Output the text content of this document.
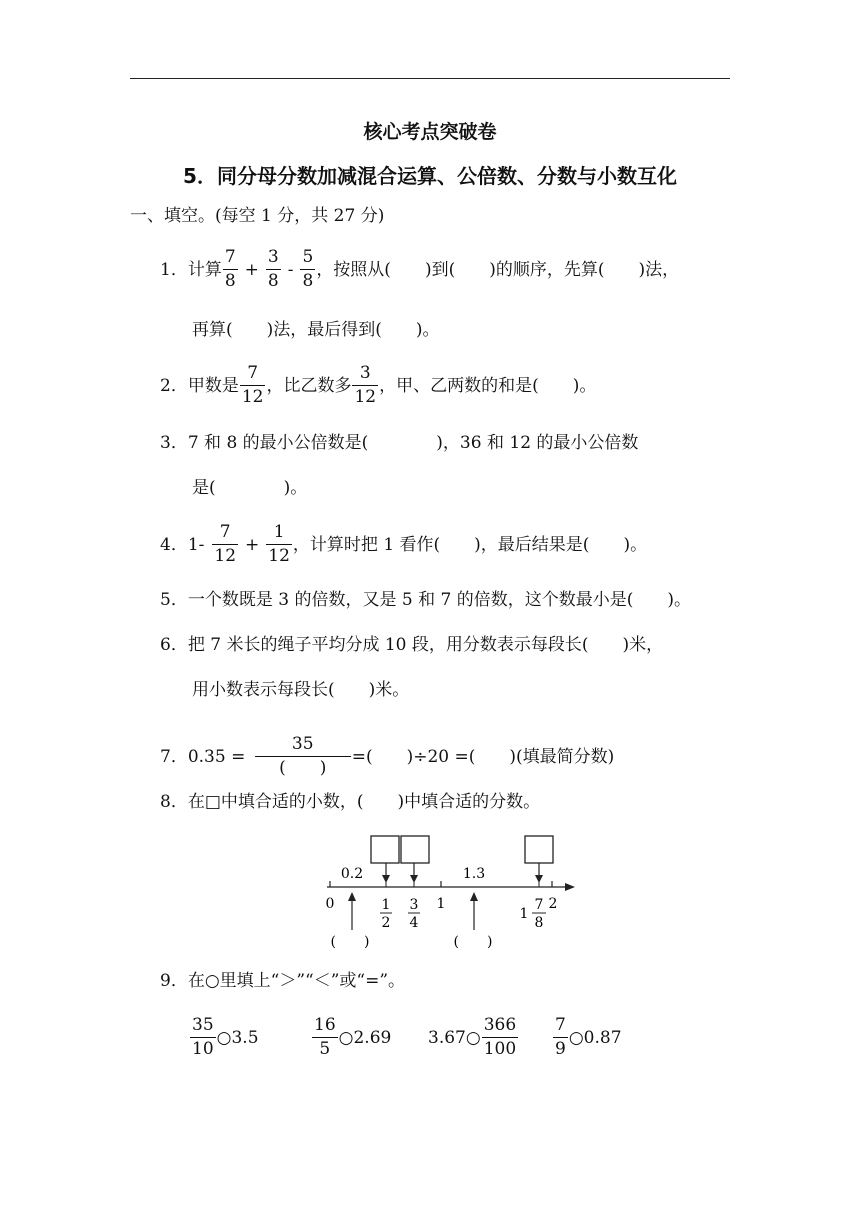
核心考点突破卷
5．同分母分数加减混合运算、公倍数、分数与小数互化
一、填空。(每空 1 分，共 27 分)
1．计算 $\frac{7}{8} + \frac{3}{8} - \frac{5}{8}$ ，按照从(　　)到(　　)的顺序，先算(　　)法，
再算(　　)法，最后得到(　　)。
2．甲数是 $\frac{7}{12}$ ，比乙数多 $\frac{3}{12}$ ，甲、乙两数的和是(　　)。
3．7 和 8 的最小公倍数是(　　　　)，36 和 12 的最小公倍数
是(　　　　)。
4．$1- \frac{7}{12} + \frac{1}{12}$ ，计算时把 1 看作(　　)，最后结果是(　　)。
5．一个数既是 3 的倍数，又是 5 和 7 的倍数，这个数最小是(　　)。
6．把 7 米长的绳子平均分成 10 段，用分数表示每段长(　　)米，
用小数表示每段长(　　)米。
7．$0.35 = \frac{35}{( )}$ =(　　)÷20 =(　　)(填最简分数)
8．在□中填合适的小数，(　　)中填合适的分数。
0.2	1.3
0	1	2
1
2
3
4
1
7
8
(　　)	(　　)
9．在○里填上“＞”“＜”或“=”。
$\frac{35}{10}$ ○3.5	$\frac{16}{5}$ ○2.69 3.67○ $\frac{366}{100} \frac{7}{9}$ ○0.87
